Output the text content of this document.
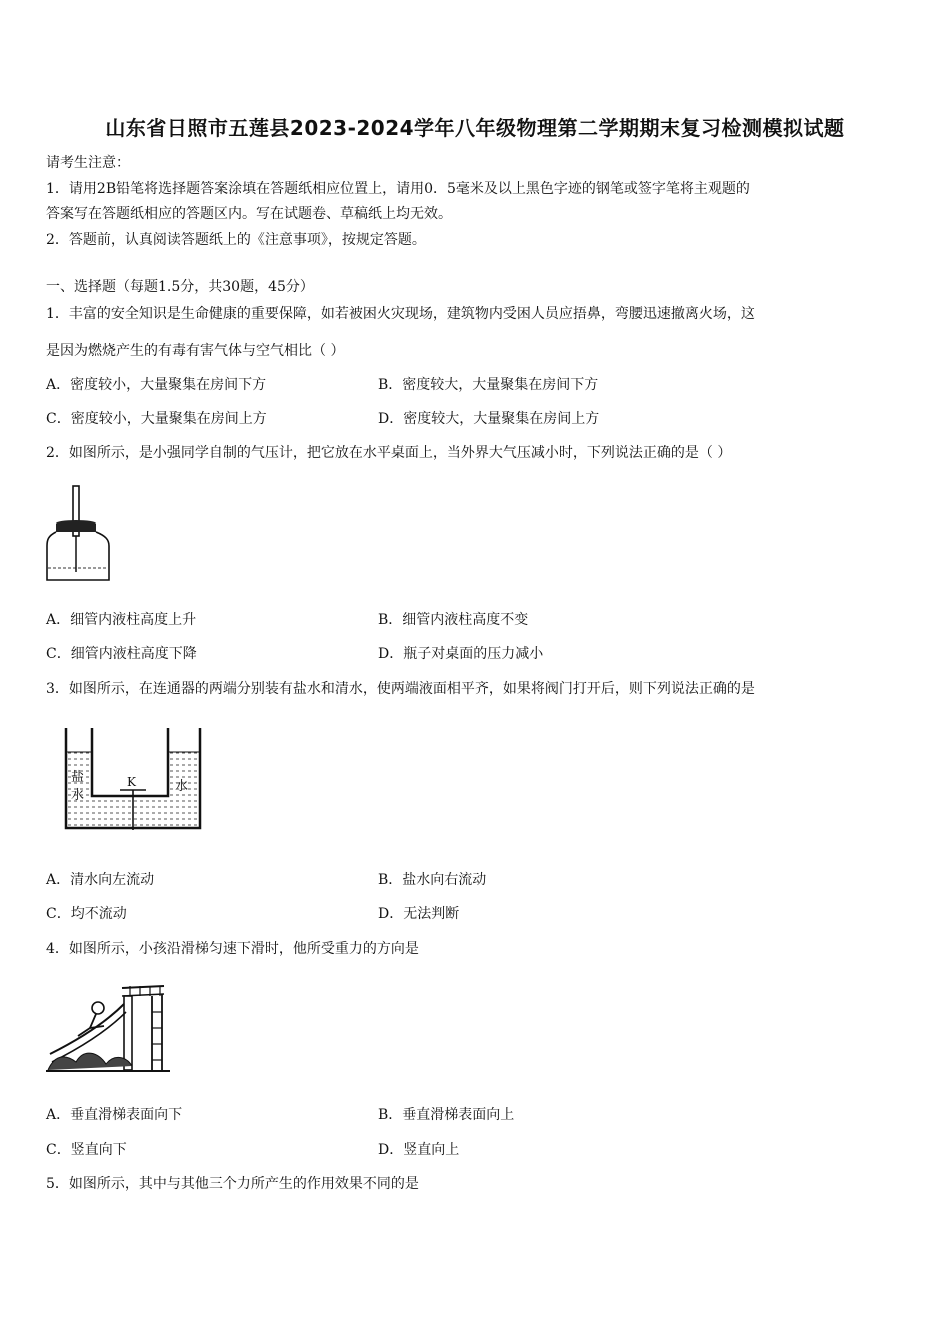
山东省日照市五莲县2023-2024学年八年级物理第二学期期末复习检测模拟试题
请考生注意：
1．请用2B铅笔将选择题答案涂填在答题纸相应位置上，请用0．5毫米及以上黑色字迹的钢笔或签字笔将主观题的
答案写在答题纸相应的答题区内。写在试题卷、草稿纸上均无效。
2．答题前，认真阅读答题纸上的《注意事项》，按规定答题。
一、选择题（每题1.5分，共30题，45分）
1．丰富的安全知识是生命健康的重要保障，如若被困火灾现场，建筑物内受困人员应捂鼻，弯腰迅速撤离火场，这
是因为燃烧产生的有毒有害气体与空气相比（ ）
A．密度较小，大量聚集在房间下方	B．密度较大，大量聚集在房间下方
C．密度较小，大量聚集在房间上方	D．密度较大，大量聚集在房间上方
2．如图所示，是小强同学自制的气压计，把它放在水平桌面上，当外界大气压减小时，下列说法正确的是（ ）
A．细管内液柱高度上升	B．细管内液柱高度不变
C．细管内液柱高度下降	D．瓶子对桌面的压力减小
3．如图所示，在连通器的两端分别装有盐水和清水，使两端液面相平齐，如果将阀门打开后，则下列说法正确的是
盐
水
K	水
A．清水向左流动	B．盐水向右流动
C．均不流动	D．无法判断
4．如图所示，小孩沿滑梯匀速下滑时，他所受重力的方向是
A．垂直滑梯表面向下	B．垂直滑梯表面向上
C．竖直向下	D．竖直向上
5．如图所示，其中与其他三个力所产生的作用效果不同的是
